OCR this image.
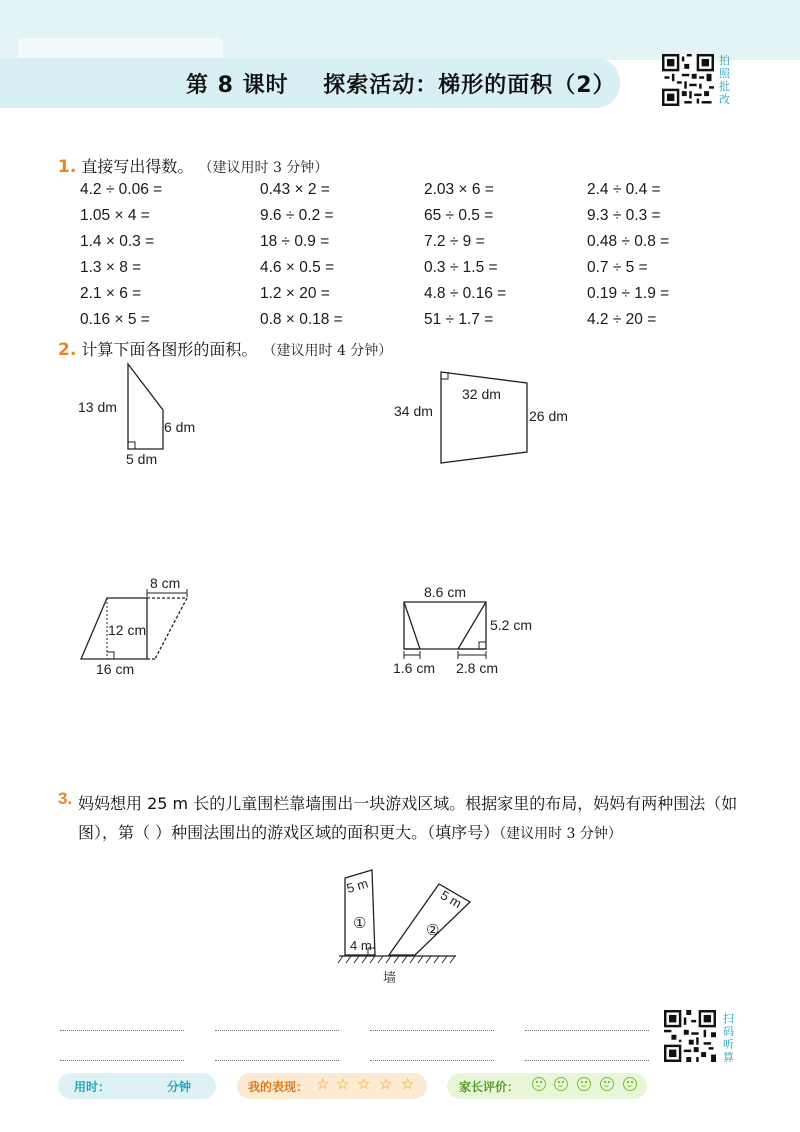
第 8 课时    探索活动：梯形的面积（2）
拍照批改
扫码听算
1. 直接写出得数。 （建议用时 3 分钟）
4.2 ÷ 0.06 =	0.43 × 2 =	2.03 × 6 =	2.4 ÷ 0.4 =
1.05 × 4 =	9.6 ÷ 0.2 =	65 ÷ 0.5 =	9.3 ÷ 0.3 =
1.4 × 0.3 =	18 ÷ 0.9 =	7.2 ÷ 9 =	0.48 ÷ 0.8 =
1.3 × 8 =	4.6 × 0.5 =	0.3 ÷ 1.5 =	0.7 ÷ 5 =
2.1 × 6 =	1.2 × 20 =	4.8 ÷ 0.16 =	0.19 ÷ 1.9 =
0.16 × 5 =	0.8 × 0.18 =	51 ÷ 1.7 =	4.2 ÷ 20 =
2. 计算下面各图形的面积。 （建议用时 4 分钟）
13 dm
6 dm
5 dm
32 dm
34 dm	26 dm
8 cm
12 cm
16 cm
8.6 cm
5.2 cm
1.6 cm 2.8 cm
5 m
4 m
5 m
①	②
墙
3. 妈妈想用 25 m 长的儿童围栏靠墙围出一块游戏区域。根据家里的布局，妈妈有两种围法（如图），第（ ）种围法围出的游戏区域的面积更大。（填序号）（建议用时 3 分钟）
用时：	分钟	我的表现： ☆ ☆ ☆ ☆ ☆	家长评价：
